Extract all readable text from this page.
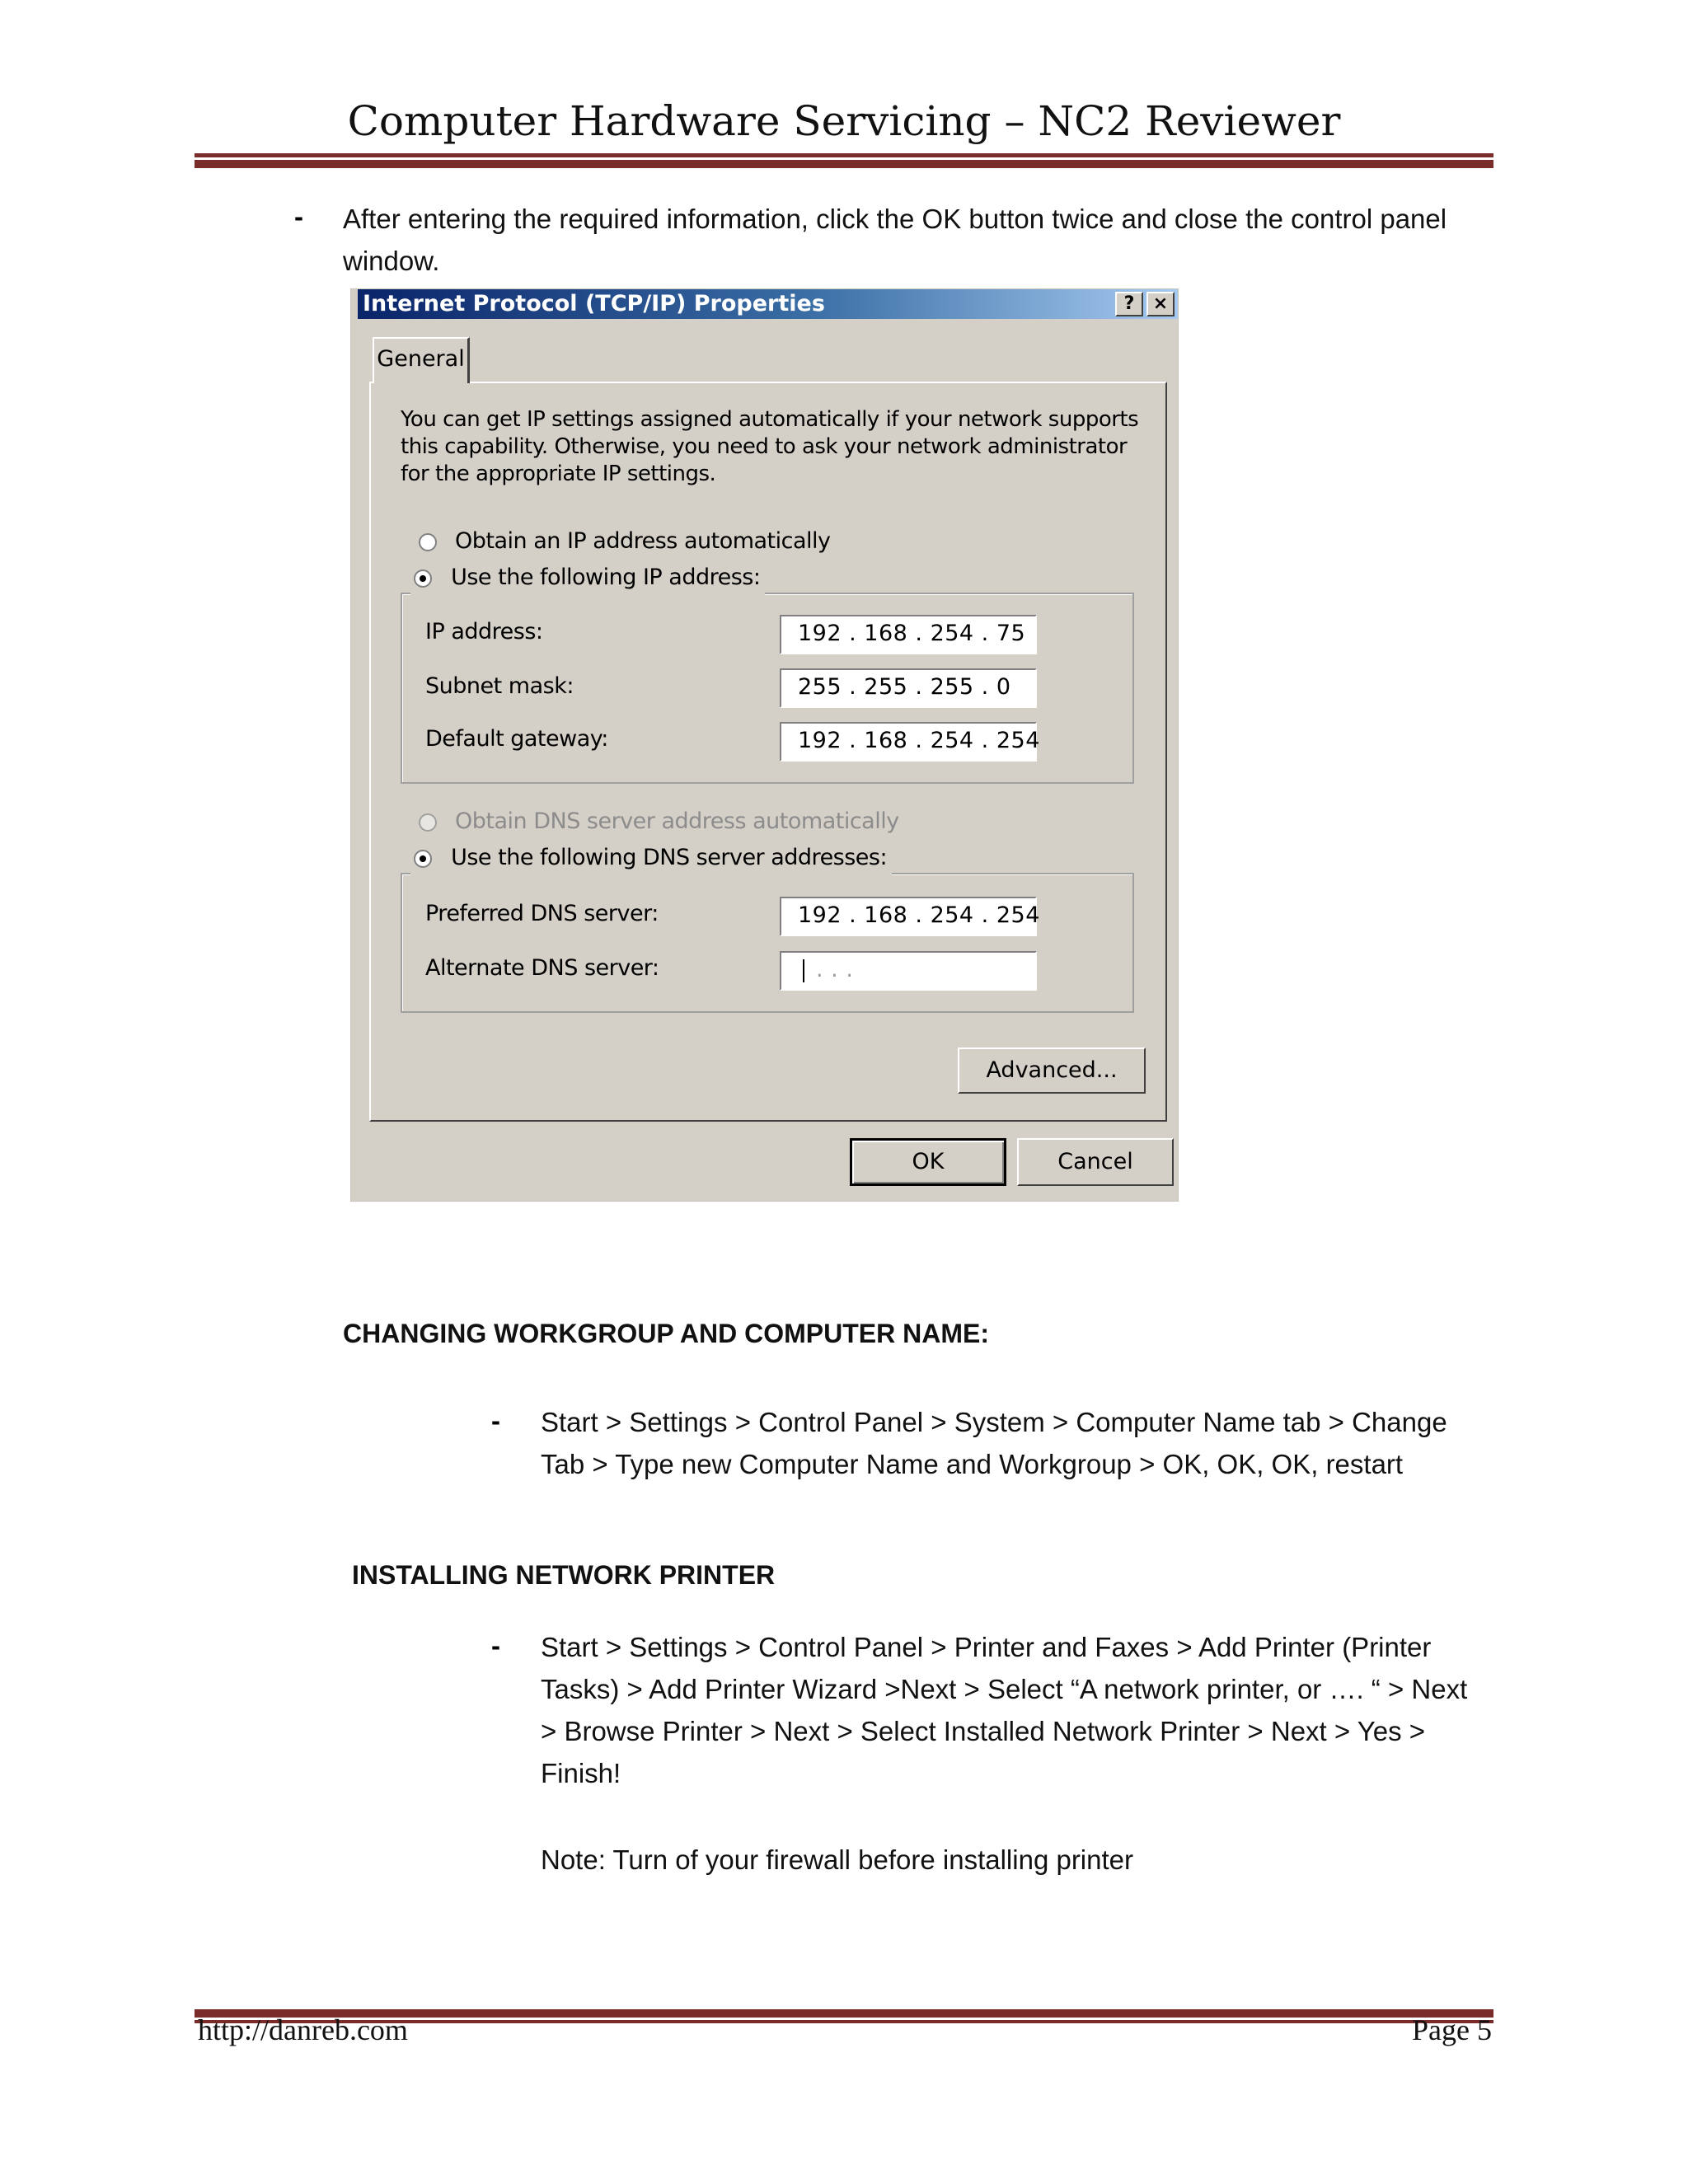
Computer Hardware Servicing – NC2 Reviewer
- After entering the required information, click the OK button twice and close the control panel window.
Internet Protocol (TCP/IP) Properties	?	×
General
You can get IP settings assigned automatically if your network supports this capability. Otherwise, you need to ask your network administrator for the appropriate IP settings.
Obtain an IP address automatically
Use the following IP address:
IP address:	192 . 168 . 254 . 75
Subnet mask:	255 . 255 . 255 . 0
Default gateway:	192 . 168 . 254 . 254
Obtain DNS server address automatically
Use the following DNS server addresses:
Preferred DNS server:	192 . 168 . 254 . 254
Alternate DNS server:	. . .
Advanced...
OK	Cancel
CHANGING WORKGROUP AND COMPUTER NAME:
- Start > Settings > Control Panel > System > Computer Name tab > Change Tab > Type new Computer Name and Workgroup > OK, OK, OK, restart
INSTALLING NETWORK PRINTER
- Start > Settings > Control Panel > Printer and Faxes > Add Printer (Printer Tasks) > Add Printer Wizard >Next > Select “A network printer, or …. “ > Next > Browse Printer > Next > Select Installed Network Printer > Next > Yes > Finish!
Note: Turn of your firewall before installing printer
http://danreb.com	Page 5
